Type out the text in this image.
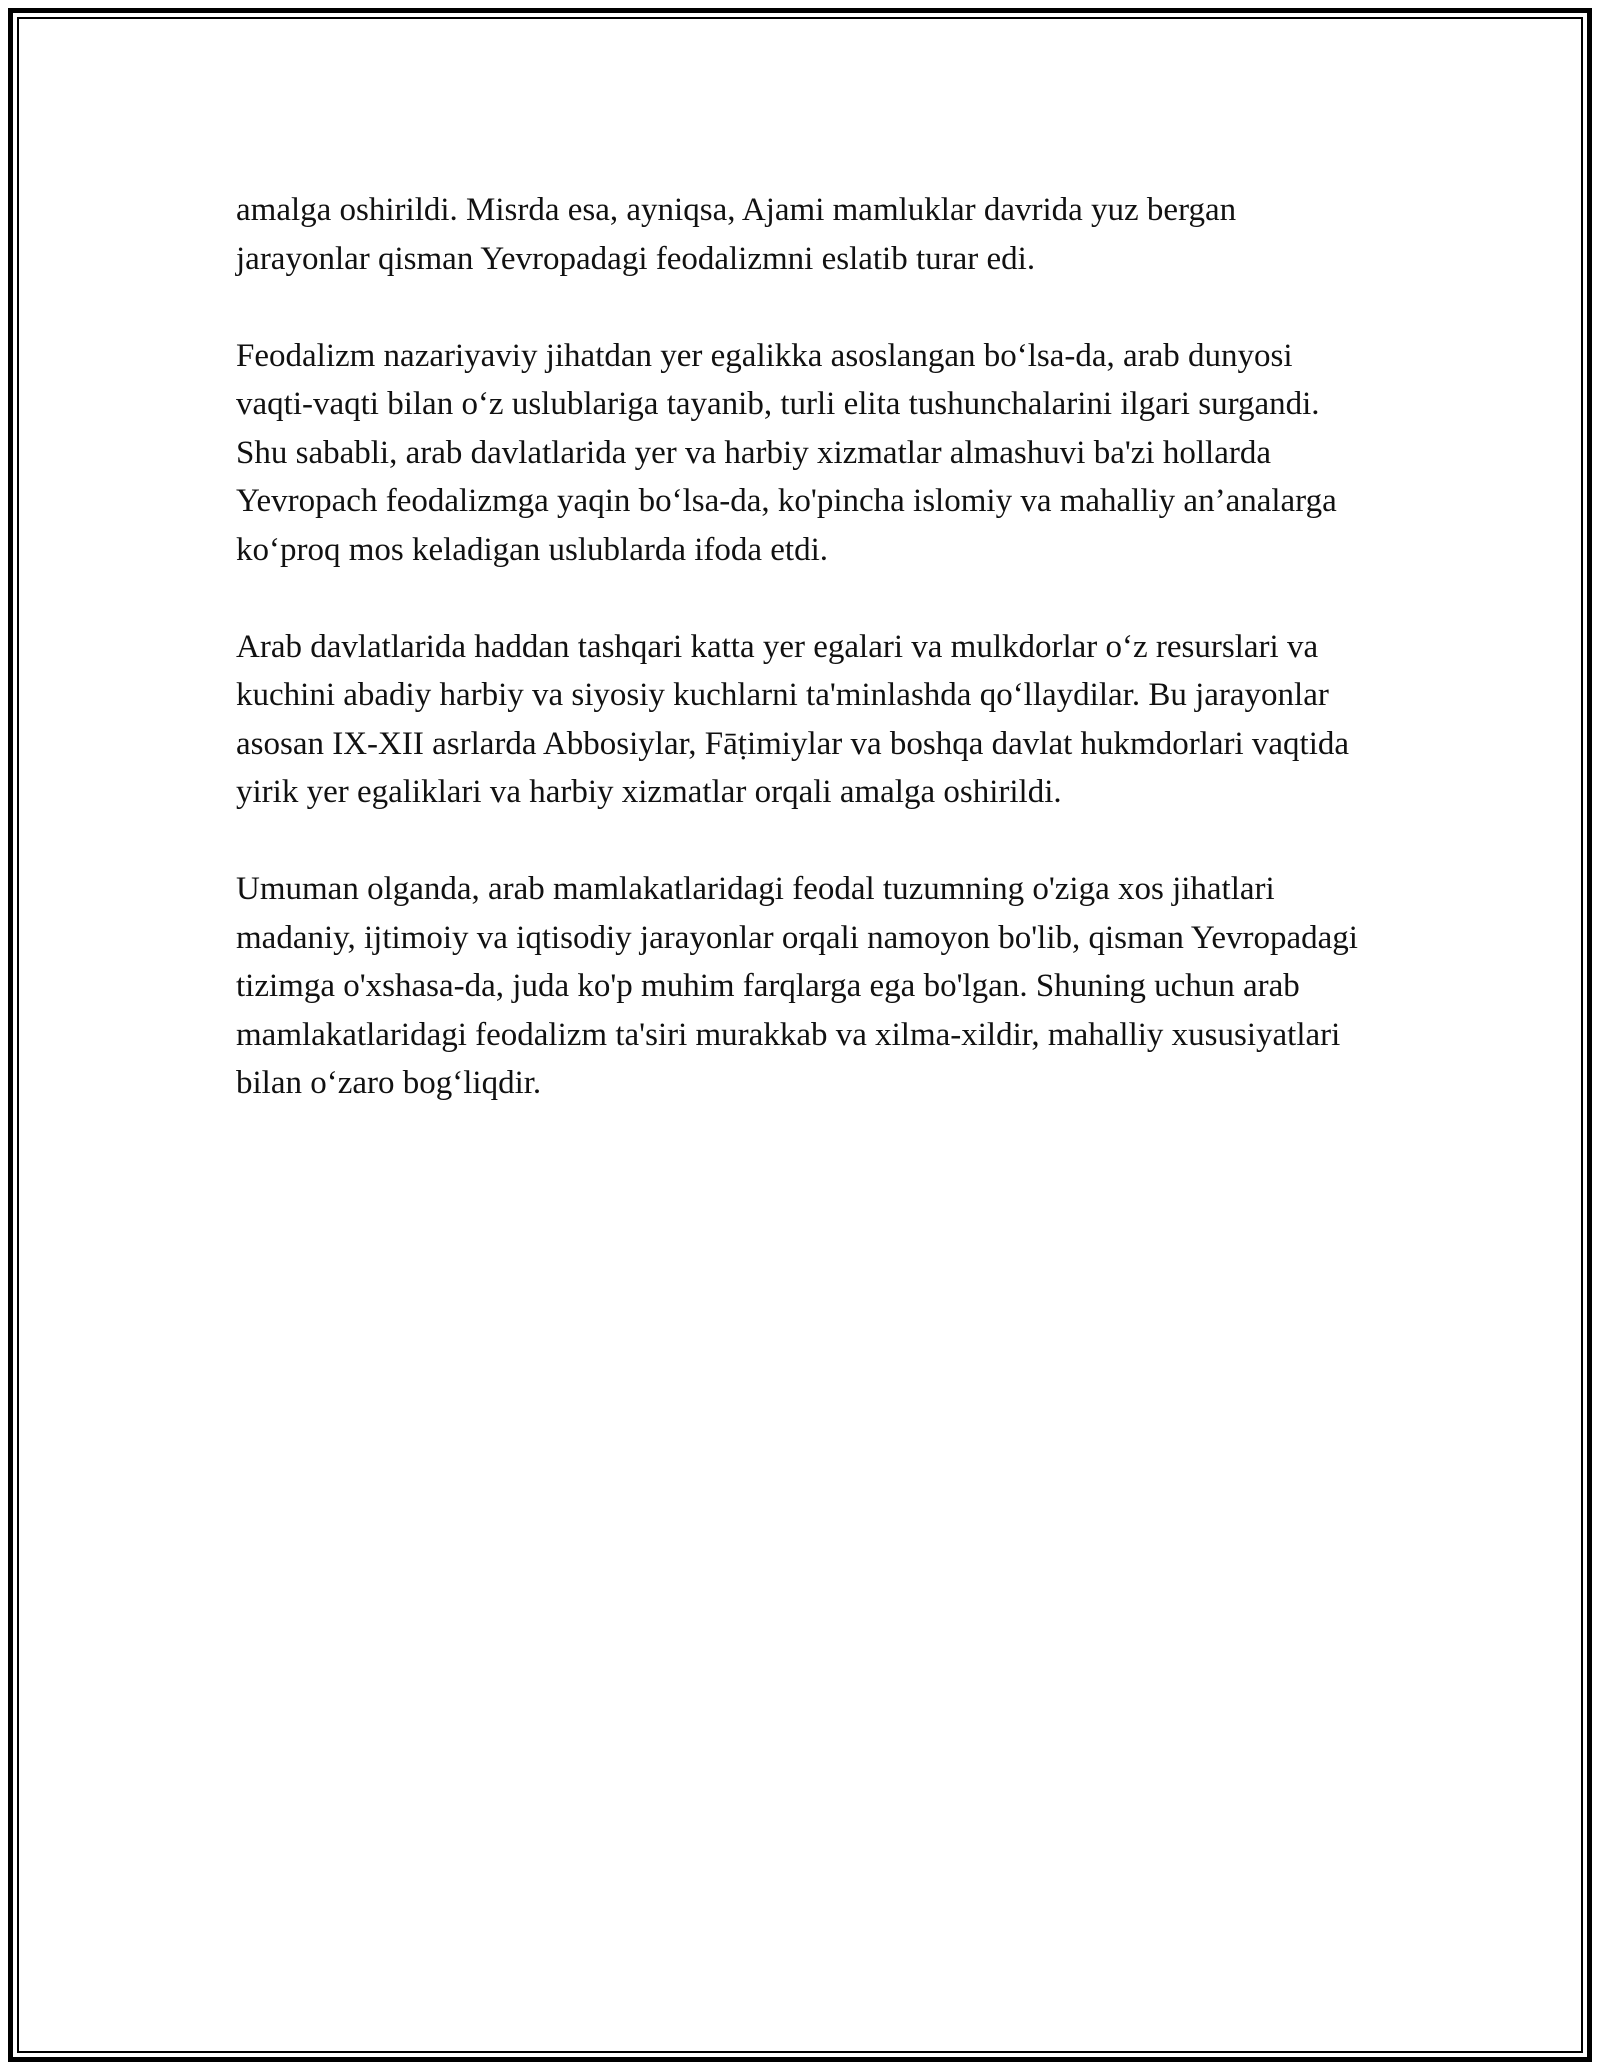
amalga oshirildi. Misrda esa, ayniqsa, Ajami mamluklar davrida yuz bergan jarayonlar qisman Yevropadagi feodalizmni eslatib turar edi.

Feodalizm nazariyaviy jihatdan yer egalikka asoslangan bo‘lsa-da, arab dunyosi vaqti-vaqti bilan o‘z uslublariga tayanib, turli elita tushunchalarini ilgari surgandi. Shu sababli, arab davlatlarida yer va harbiy xizmatlar almashuvi ba'zi hollarda Yevropach feodalizmga yaqin bo‘lsa-da, ko'pincha islomiy va mahalliy an’analarga ko‘proq mos keladigan uslublarda ifoda etdi.

Arab davlatlarida haddan tashqari katta yer egalari va mulkdorlar o‘z resurslari va kuchini abadiy harbiy va siyosiy kuchlarni ta'minlashda qo‘llaydilar. Bu jarayonlar asosan IX-XII asrlarda Abbosiylar, Fāṭimiylar va boshqa davlat hukmdorlari vaqtida yirik yer egaliklari va harbiy xizmatlar orqali amalga oshirildi.

Umuman olganda, arab mamlakatlaridagi feodal tuzumning o'ziga xos jihatlari madaniy, ijtimoiy va iqtisodiy jarayonlar orqali namoyon bo'lib, qisman Yevropadagi tizimga o'xshasa-da, juda ko'p muhim farqlarga ega bo'lgan. Shuning uchun arab mamlakatlaridagi feodalizm ta'siri murakkab va xilma-xildir, mahalliy xususiyatlari bilan o‘zaro bog‘liqdir.
